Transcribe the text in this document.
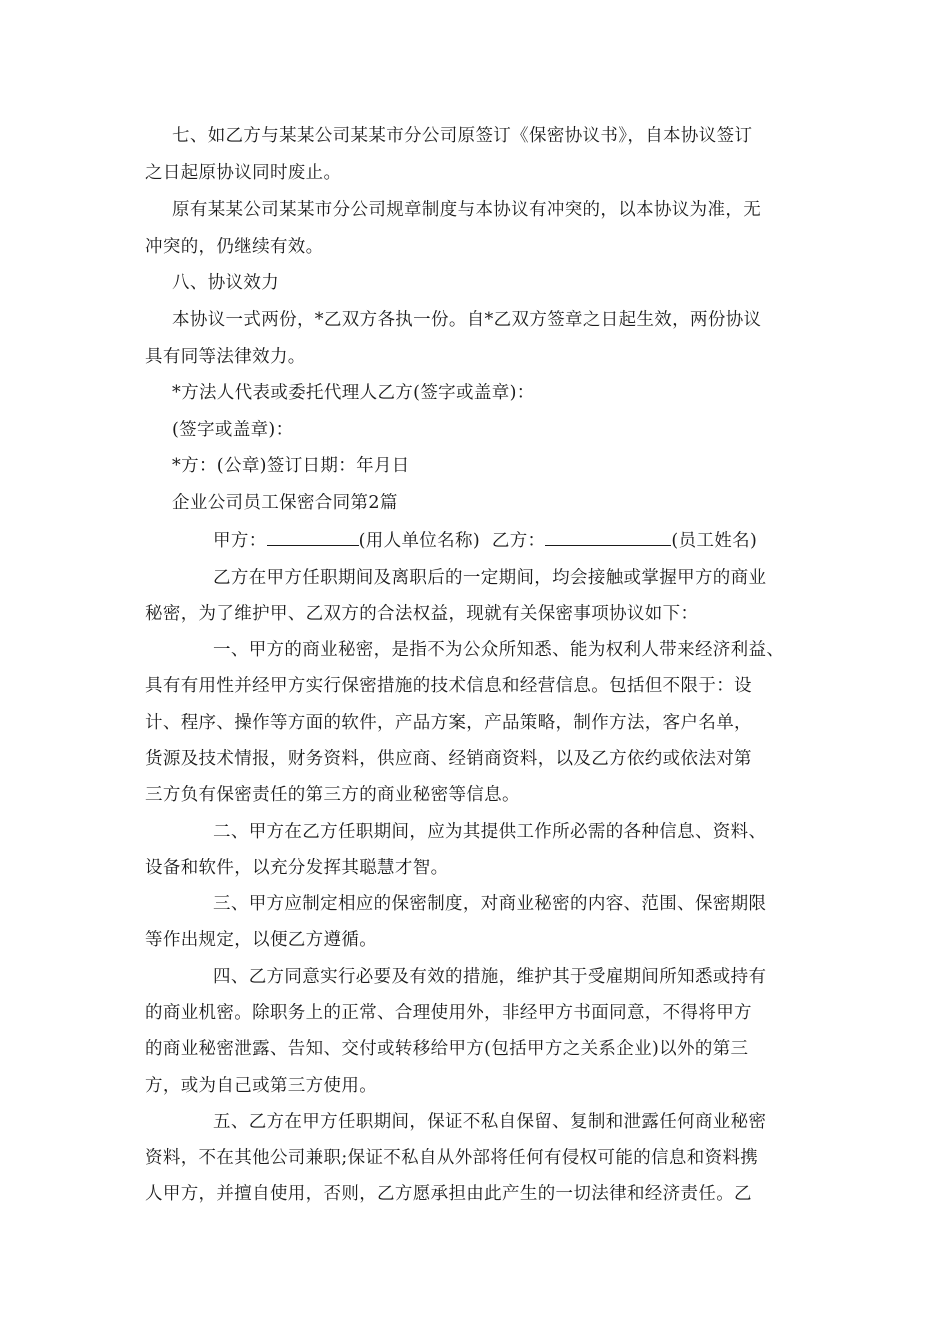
七、如乙方与某某公司某某市分公司原签订《保密协议书》，自本协议签订
之日起原协议同时废止。
原有某某公司某某市分公司规章制度与本协议有冲突的，以本协议为准，无
冲突的，仍继续有效。
八、协议效力
本协议一式两份，*乙双方各执一份。自*乙双方签章之日起生效，两份协议
具有同等法律效力。
*方法人代表或委托代理人乙方(签字或盖章)：
(签字或盖章)：
*方：(公章)签订日期：年月日
企业公司员工保密合同第2篇
甲方：	(用人单位名称) 乙方：	(员工姓名)
乙方在甲方任职期间及离职后的一定期间，均会接触或掌握甲方的商业
秘密，为了维护甲、乙双方的合法权益，现就有关保密事项协议如下：
一、甲方的商业秘密，是指不为公众所知悉、能为权利人带来经济利益、
具有有用性并经甲方实行保密措施的技术信息和经营信息。包括但不限于：设
计、程序、操作等方面的软件，产品方案，产品策略，制作方法，客户名单，
货源及技术情报，财务资料，供应商、经销商资料，以及乙方依约或依法对第
三方负有保密责任的第三方的商业秘密等信息。
二、甲方在乙方任职期间，应为其提供工作所必需的各种信息、资料、
设备和软件，以充分发挥其聪慧才智。
三、甲方应制定相应的保密制度，对商业秘密的内容、范围、保密期限
等作出规定，以便乙方遵循。
四、乙方同意实行必要及有效的措施，维护其于受雇期间所知悉或持有
的商业机密。除职务上的正常、合理使用外，非经甲方书面同意，不得将甲方
的商业秘密泄露、告知、交付或转移给甲方(包括甲方之关系企业)以外的第三
方，或为自己或第三方使用。
五、乙方在甲方任职期间，保证不私自保留、复制和泄露任何商业秘密
资料，不在其他公司兼职;保证不私自从外部将任何有侵权可能的信息和资料携
人甲方，并擅自使用，否则，乙方愿承担由此产生的一切法律和经济责任。乙
